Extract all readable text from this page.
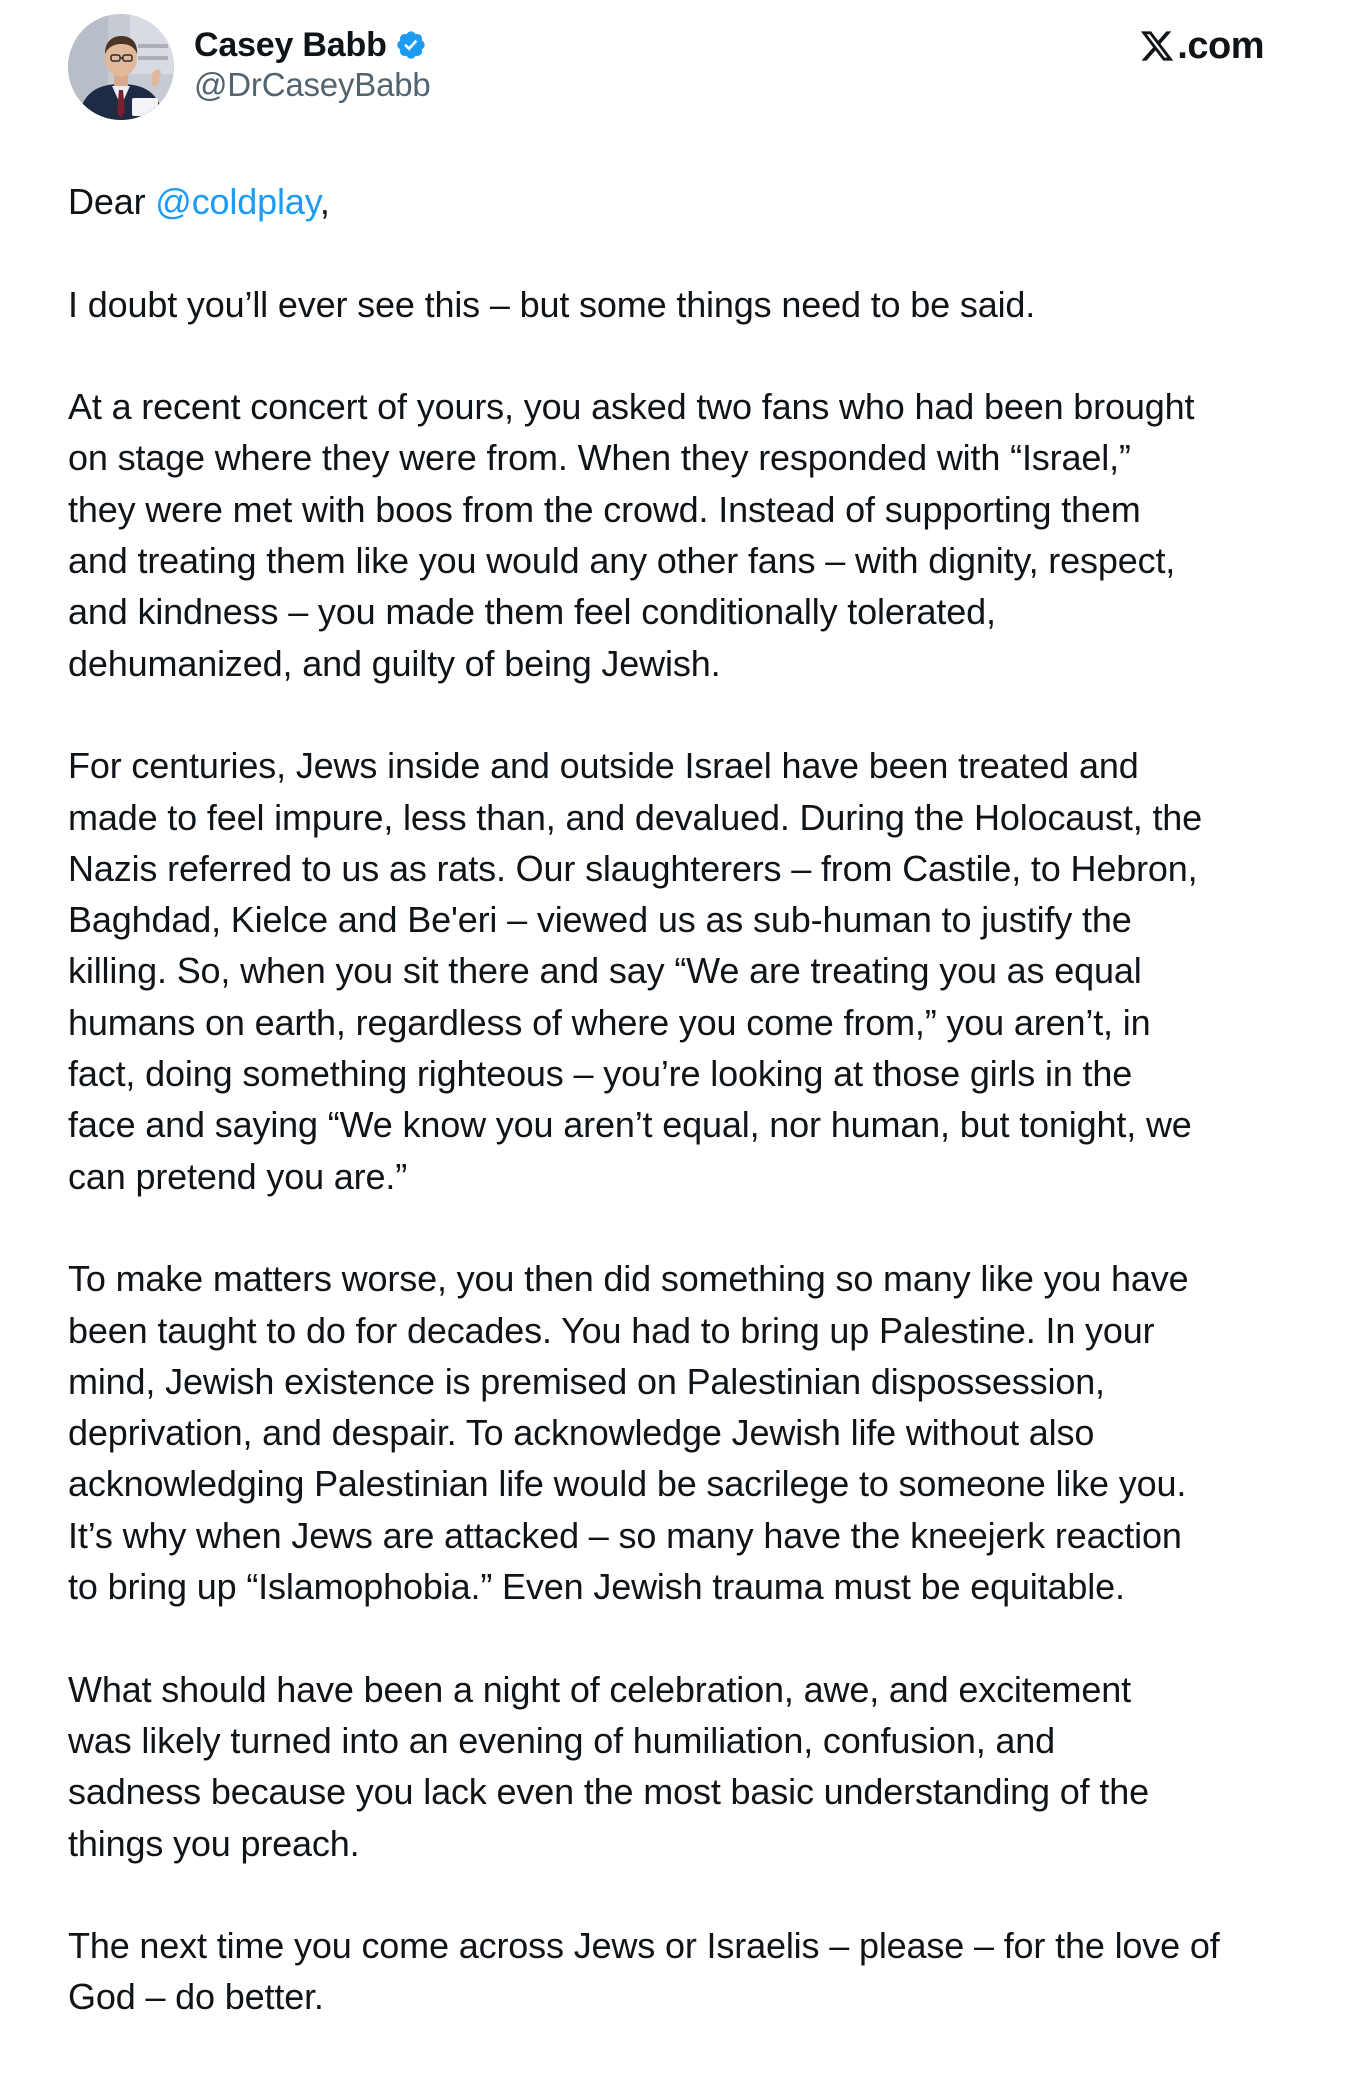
Casey Babb
@DrCaseyBabb
.com

Dear @coldplay,

I doubt you’ll ever see this – but some things need to be said.

At a recent concert of yours, you asked two fans who had been brought
on stage where they were from. When they responded with “Israel,”
they were met with boos from the crowd. Instead of supporting them
and treating them like you would any other fans – with dignity, respect,
and kindness – you made them feel conditionally tolerated,
dehumanized, and guilty of being Jewish.

For centuries, Jews inside and outside Israel have been treated and
made to feel impure, less than, and devalued. During the Holocaust, the
Nazis referred to us as rats. Our slaughterers – from Castile, to Hebron,
Baghdad, Kielce and Be'eri – viewed us as sub-human to justify the
killing. So, when you sit there and say “We are treating you as equal
humans on earth, regardless of where you come from,” you aren’t, in
fact, doing something righteous – you’re looking at those girls in the
face and saying “We know you aren’t equal, nor human, but tonight, we
can pretend you are.”

To make matters worse, you then did something so many like you have
been taught to do for decades. You had to bring up Palestine. In your
mind, Jewish existence is premised on Palestinian dispossession,
deprivation, and despair. To acknowledge Jewish life without also
acknowledging Palestinian life would be sacrilege to someone like you.
It’s why when Jews are attacked – so many have the kneejerk reaction
to bring up “Islamophobia.” Even Jewish trauma must be equitable.

What should have been a night of celebration, awe, and excitement
was likely turned into an evening of humiliation, confusion, and
sadness because you lack even the most basic understanding of the
things you preach.

The next time you come across Jews or Israelis – please – for the love of
God – do better.
